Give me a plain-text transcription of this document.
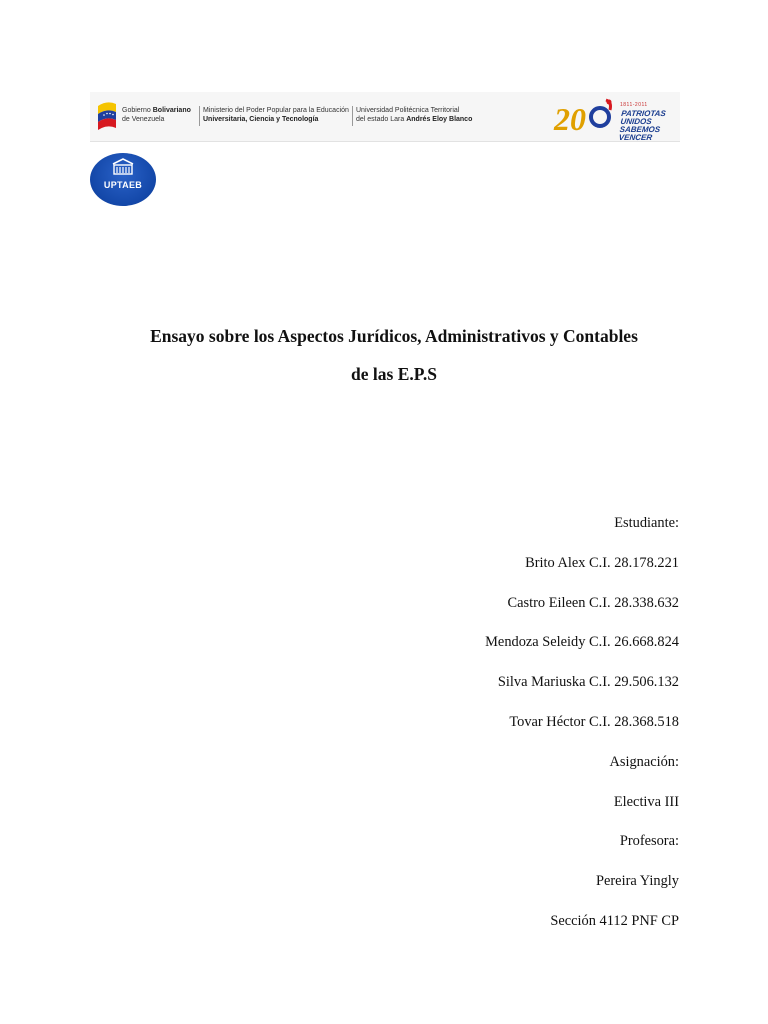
Gobierno Bolivariano
de Venezuela
Ministerio del Poder Popular para la Educación
Universitaria, Ciencia y Tecnología
Universidad Politécnica Territorial
del estado Lara Andrés Eloy Blanco	20	1811-2011
PATRIOTAS UNIDOS
SABEMOS VENCER
UPTAEB
Ensayo sobre los Aspectos Jurídicos, Administrativos y Contables
de las E.P.S

Estudiante:

Brito Alex C.I. 28.178.221

Castro Eileen C.I. 28.338.632

Mendoza Seleidy C.I. 26.668.824

Silva Mariuska C.I. 29.506.132

Tovar Héctor C.I. 28.368.518

Asignación:

Electiva III

Profesora:

Pereira Yingly

Sección 4112 PNF CP
